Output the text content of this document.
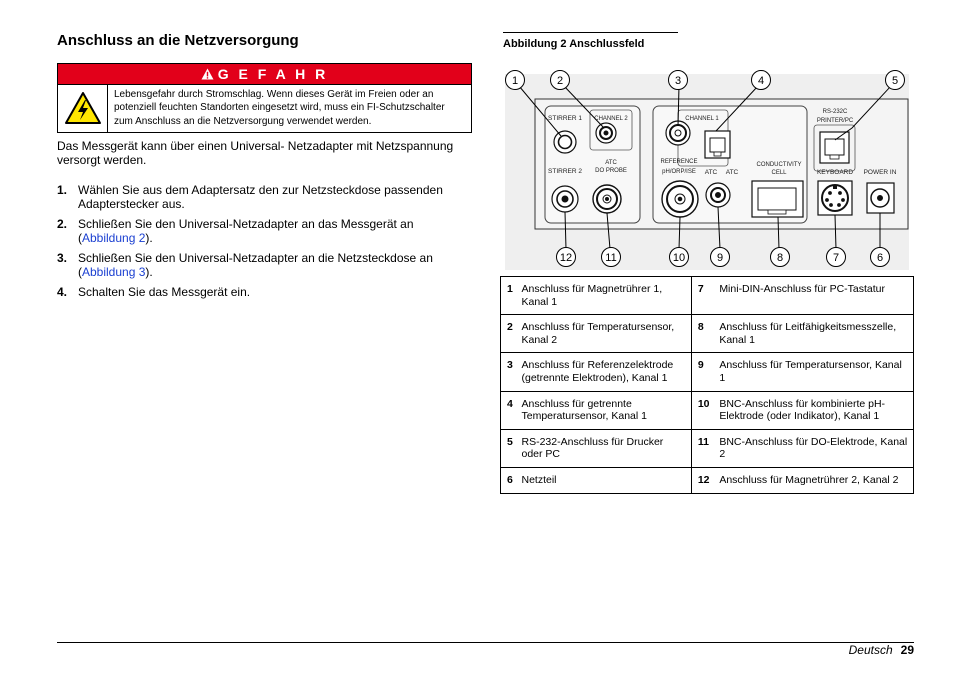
Anschluss an die Netzversorgung
G E F A H R
Lebensgefahr durch Stromschlag. Wenn dieses Gerät im Freien oder an potenziell feuchten Standorten eingesetzt wird, muss ein FI-Schutzschalter zum Anschluss an die Netzversorgung verwendet werden.
Das Messgerät kann über einen Universal- Netzadapter mit Netzspannung versorgt werden.
1. Wählen Sie aus dem Adaptersatz den zur Netzsteckdose passenden Adapterstecker aus.
2. Schließen Sie den Universal-Netzadapter an das Messgerät an (Abbildung 2).
3. Schließen Sie den Universal-Netzadapter an die Netzsteckdose an (Abbildung 3).
4. Schalten Sie das Messgerät ein.
Abbildung 2 Anschlussfeld
STIRRER 1
STIRRER 2
CHANNEL 2
ATC
DO PROBE
CHANNEL 1
REFERENCE
pH/ORP/ISE ATC ATC
CONDUCTIVITY
CELL
RS-232C
PRINTER/PC
KEYBOARD POWER IN
1	2	3	4	5
12	11	10	9	8	7	6
1	Anschluss für Magnetrührer 1, Kanal 1	7	Mini-DIN-Anschluss für PC-Tastatur
2	Anschluss für Temperatursensor, Kanal 2	8	Anschluss für Leitfähigkeitsmesszelle, Kanal 1
3	Anschluss für Referenzelektrode (getrennte Elektroden), Kanal 1	9	Anschluss für Temperatursensor, Kanal 1
4	Anschluss für getrennte Temperatursensor, Kanal 1	10	BNC-Anschluss für kombinierte pH-Elektrode (oder Indikator), Kanal 1
5	RS-232-Anschluss für Drucker oder PC	11	BNC-Anschluss für DO-Elektrode, Kanal 2
6	Netzteil	12	Anschluss für Magnetrührer 2, Kanal 2
Deutsch 29
